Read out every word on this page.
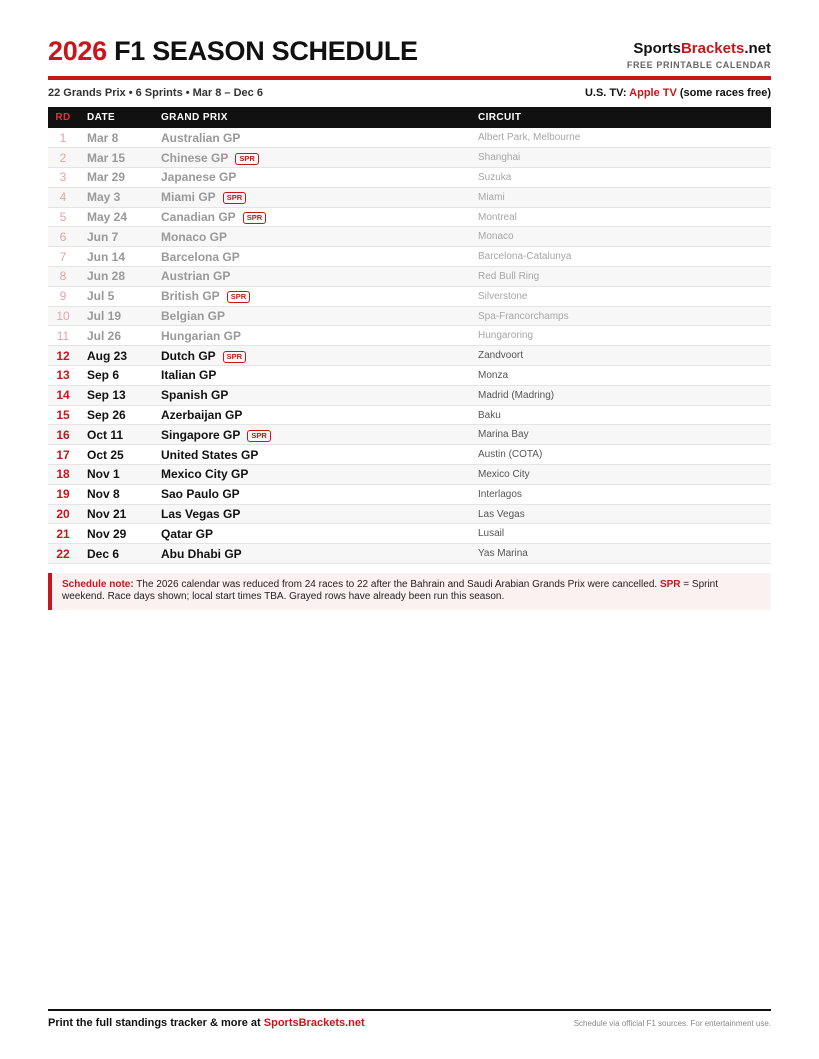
2026 F1 SEASON SCHEDULE	SportsBrackets.net
FREE PRINTABLE CALENDAR
22 Grands Prix • 6 Sprints • Mar 8 – Dec 6	U.S. TV: Apple TV (some races free)
RD	DATE	GRAND PRIX	CIRCUIT
1	Mar 8	Australian GP	Albert Park, Melbourne
2	Mar 15	Chinese GP SPR	Shanghai
3	Mar 29	Japanese GP	Suzuka
4	May 3	Miami GP SPR	Miami
5	May 24	Canadian GP SPR	Montreal
6	Jun 7	Monaco GP	Monaco
7	Jun 14	Barcelona GP	Barcelona-Catalunya
8	Jun 28	Austrian GP	Red Bull Ring
9	Jul 5	British GP SPR	Silverstone
10	Jul 19	Belgian GP	Spa-Francorchamps
11	Jul 26	Hungarian GP	Hungaroring
12	Aug 23	Dutch GP SPR	Zandvoort
13	Sep 6	Italian GP	Monza
14	Sep 13	Spanish GP	Madrid (Madring)
15	Sep 26	Azerbaijan GP	Baku
16	Oct 11	Singapore GP SPR	Marina Bay
17	Oct 25	United States GP	Austin (COTA)
18	Nov 1	Mexico City GP	Mexico City
19	Nov 8	Sao Paulo GP	Interlagos
20	Nov 21	Las Vegas GP	Las Vegas
21	Nov 29	Qatar GP	Lusail
22	Dec 6	Abu Dhabi GP	Yas Marina
Schedule note: The 2026 calendar was reduced from 24 races to 22 after the Bahrain and Saudi Arabian Grands Prix were cancelled. SPR = Sprint weekend. Race days shown; local start times TBA. Grayed rows have already been run this season.
Print the full standings tracker & more at SportsBrackets.net	Schedule via official F1 sources. For entertainment use.
